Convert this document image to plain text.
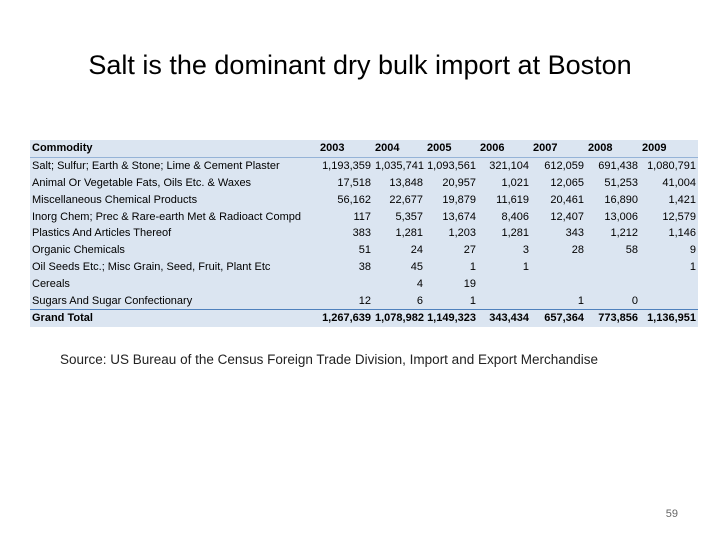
Salt is the dominant dry bulk import at Boston
Commodity	2003	2004	2005	2006	2007	2008	2009
Salt; Sulfur; Earth & Stone; Lime & Cement Plaster	1,193,359	1,035,741	1,093,561	321,104	612,059	691,438	1,080,791
Animal Or Vegetable Fats, Oils Etc. & Waxes	17,518	13,848	20,957	1,021	12,065	51,253	41,004
Miscellaneous Chemical Products	56,162	22,677	19,879	11,619	20,461	16,890	1,421
Inorg Chem; Prec & Rare-earth Met & Radioact Compd	117	5,357	13,674	8,406	12,407	13,006	12,579
Plastics And Articles Thereof	383	1,281	1,203	1,281	343	1,212	1,146
Organic Chemicals	51	24	27	3	28	58	9
Oil Seeds Etc.; Misc Grain, Seed, Fruit, Plant Etc	38	45	1	1			1
Cereals		4	19				
Sugars And Sugar Confectionary	12	6	1		1	0	
Grand Total	1,267,639	1,078,982	1,149,323	343,434	657,364	773,856	1,136,951
Source: US Bureau of the Census Foreign Trade Division, Import and Export Merchandise
59
